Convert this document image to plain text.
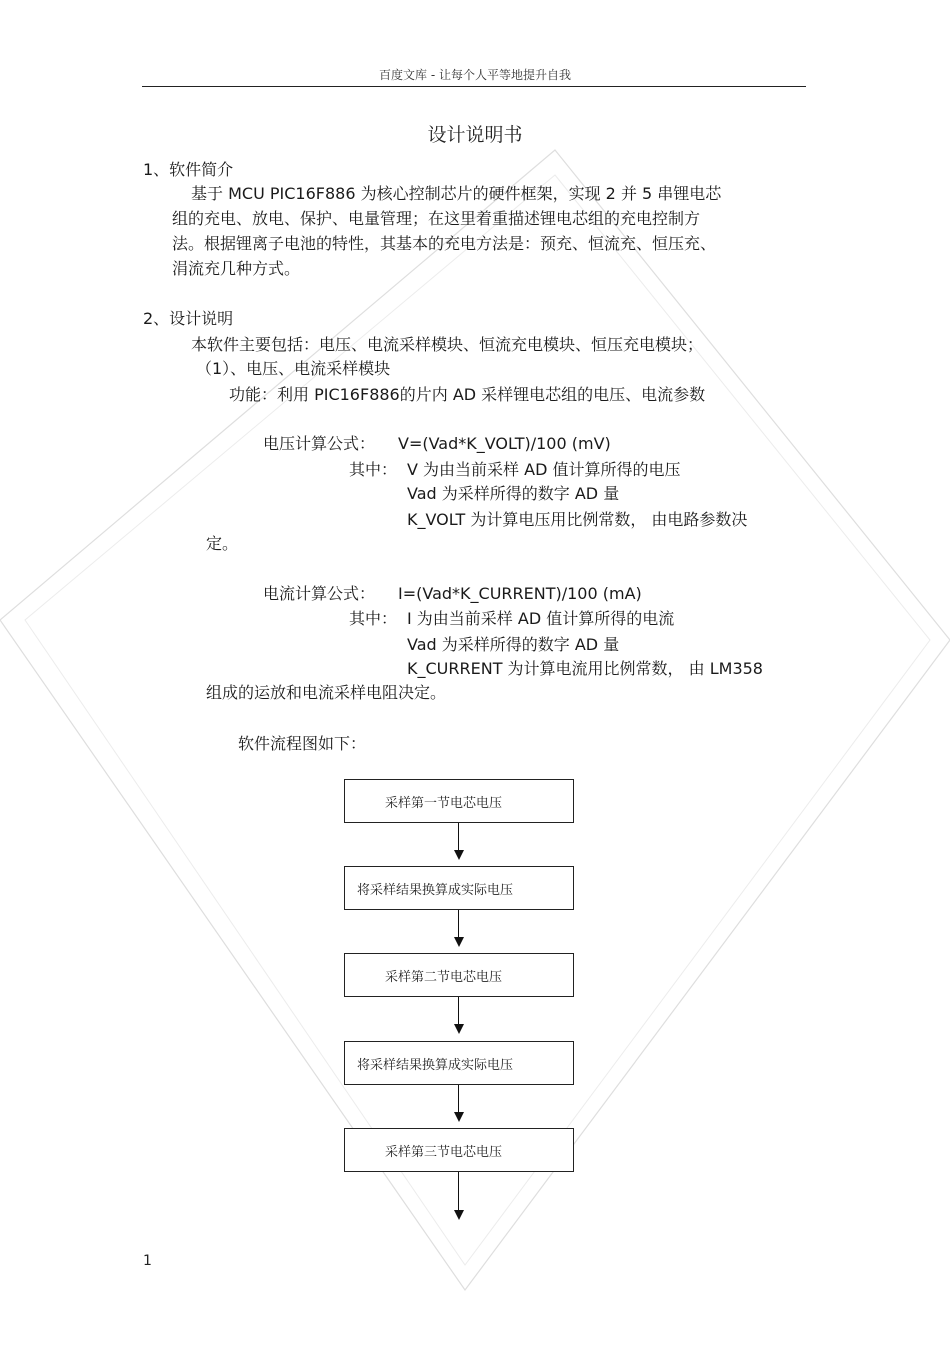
百度文库 - 让每个人平等地提升自我
设计说明书
1、软件简介
基于 MCU PIC16F886 为核心控制芯片的硬件框架，实现 2 并 5 串锂电芯
组的充电、放电、保护、电量管理；在这里着重描述锂电芯组的充电控制方
法。根据锂离子电池的特性，其基本的充电方法是：预充、恒流充、恒压充、
涓流充几种方式。
2、设计说明
本软件主要包括：电压、电流采样模块、恒流充电模块、恒压充电模块；
（1）、电压、电流采样模块
功能：利用 PIC16F886的片内 AD 采样锂电芯组的电压、电流参数
电压计算公式： V=(Vad*K_VOLT)/100 (mV)
其中： V 为由当前采样 AD 值计算所得的电压
Vad 为采样所得的数字 AD 量
K_VOLT 为计算电压用比例常数， 由电路参数决
定。
电流计算公式： I=(Vad*K_CURRENT)/100 (mA)
其中： I 为由当前采样 AD 值计算所得的电流
Vad 为采样所得的数字 AD 量
K_CURRENT 为计算电流用比例常数， 由 LM358
组成的运放和电流采样电阻决定。
软件流程图如下：
采样第一节电芯电压
将采样结果换算成实际电压
采样第二节电芯电压
将采样结果换算成实际电压
采样第三节电芯电压
1
